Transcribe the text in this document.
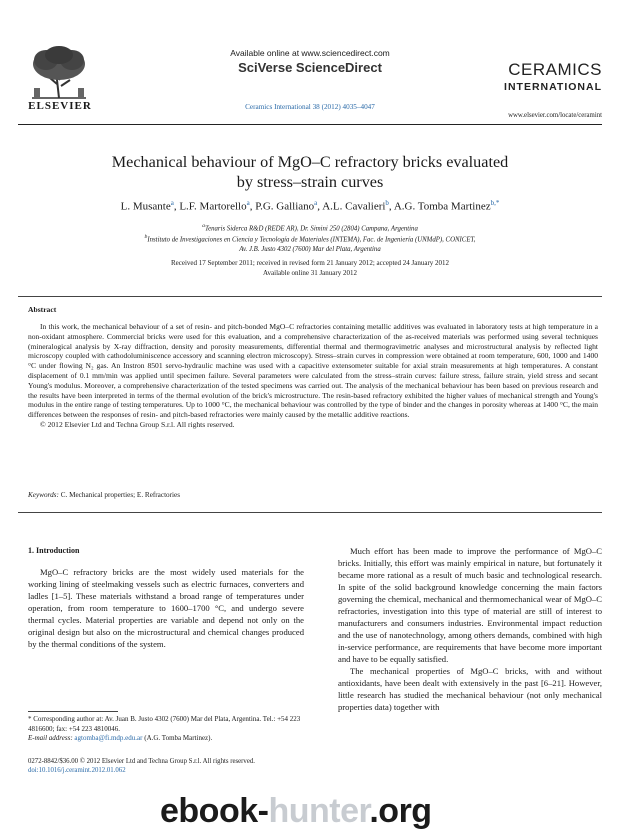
ELSEVIER
Available online at www.sciencedirect.com
SciVerse ScienceDirect
Ceramics International 38 (2012) 4035–4047
CERAMICS
INTERNATIONAL
www.elsevier.com/locate/ceramint
Mechanical behaviour of MgO–C refractory bricks evaluated
by stress–strain curves
L. Musante$^a$, L.F. Martorello$^a$, P.G. Galliano$^a$, A.L. Cavalieri$^b$, A.G. Tomba Martinez$^{b,*}$
$^a$Tenaris Siderca R&D (REDE AR), Dr. Simini 250 (2804) Campana, Argentina
$^b$Instituto de Investigaciones en Ciencia y Tecnología de Materiales (INTEMA), Fac. de Ingeniería (UNMdP), CONICET,
Av. J.B. Justo 4302 (7600) Mar del Plata, Argentina
Received 17 September 2011; received in revised form 21 January 2012; accepted 24 January 2012
Available online 31 January 2012
Abstract

In this work, the mechanical behaviour of a set of resin- and pitch-bonded MgO–C refractories containing metallic additives was evaluated in laboratory tests at high temperature in a non-oxidant atmosphere. Commercial bricks were used for this evaluation, and a comprehensive characterization of the as-received materials was performed using several techniques (mineralogical analysis by X-ray diffraction, density and porosity measurements, differential thermal and thermogravimetric analyses and microstructural analysis by reflected light microscopy coupled with cathodoluminiscence accessory and scanning electron microscopy). Stress–strain curves in compression were obtained at room temperature, 600, 1000 and 1400 °C under flowing N₂ gas. An Instron 8501 servo-hydraulic machine was used with a capacitive extensometer suitable for axial strain measurements at high temperatures. A constant displacement of 0.1 mm/min was applied until specimen failure. Several parameters were calculated from the stress–strain curves: failure stress, failure strain, yield stress and secant Young's modulus. Moreover, a comprehensive characterization of the tested specimens was carried out. The analysis of the mechanical behaviour has been based on previous research and the results have been interpreted in terms of the thermal evolution of the brick's microstructure. The resin-based refractory exhibited the higher values of mechanical strength and Young's modulus in the entire range of testing temperatures. Up to 1000 °C, the mechanical behaviour was controlled by the type of binder and the changes in porosity whereas at 1400 °C, the main differences between the responses of resin- and pitch-based refractories were mainly caused by the metallic additive reactions.

© 2012 Elsevier Ltd and Techna Group S.r.l. All rights reserved.

Keywords: C. Mechanical properties; E. Refractories
1. Introduction

MgO–C refractory bricks are the most widely used materials for the working lining of steelmaking vessels such as electric furnaces, converters and ladles [1–5]. These materials withstand a broad range of temperatures under operation, from room temperature to 1600–1700 °C, and undergo severe thermal cycles. Material properties are variable and depend not only on the original design but also on the microstructural and chemical changes produced by the thermal conditions of the system.

Much effort has been made to improve the performance of MgO–C bricks. Initially, this effort was mainly empirical in nature, but fortunately it became more rational as a result of much basic and technological research. In spite of the solid background knowledge concerning the main factors governing the chemical, mechanical and thermomechanical wear of MgO–C refractories, investigation into this type of material are still of interest to manufacturers and consumers industries. Environmental impact reduction and the use of nanotechnology, among others demands, combined with high in-service performance, are requirements that have become more important and have to be equally satisfied.

The mechanical properties of MgO–C bricks, with and without antioxidants, have been dealt with extensively in the past [6–21]. However, little research has studied the mechanical behaviour (not only mechanical properties data) together with

* Corresponding author at: Av. Juan B. Justo 4302 (7600) Mar del Plata, Argentina. Tel.: +54 223 4816600; fax: +54 223 4810046.

E-mail address: agtomba@fi.mdp.edu.ar (A.G. Tomba Martinez).

0272-8842/$36.00 © 2012 Elsevier Ltd and Techna Group S.r.l. All rights reserved.

doi:10.1016/j.ceramint.2012.01.062

ebook-hunter.org
